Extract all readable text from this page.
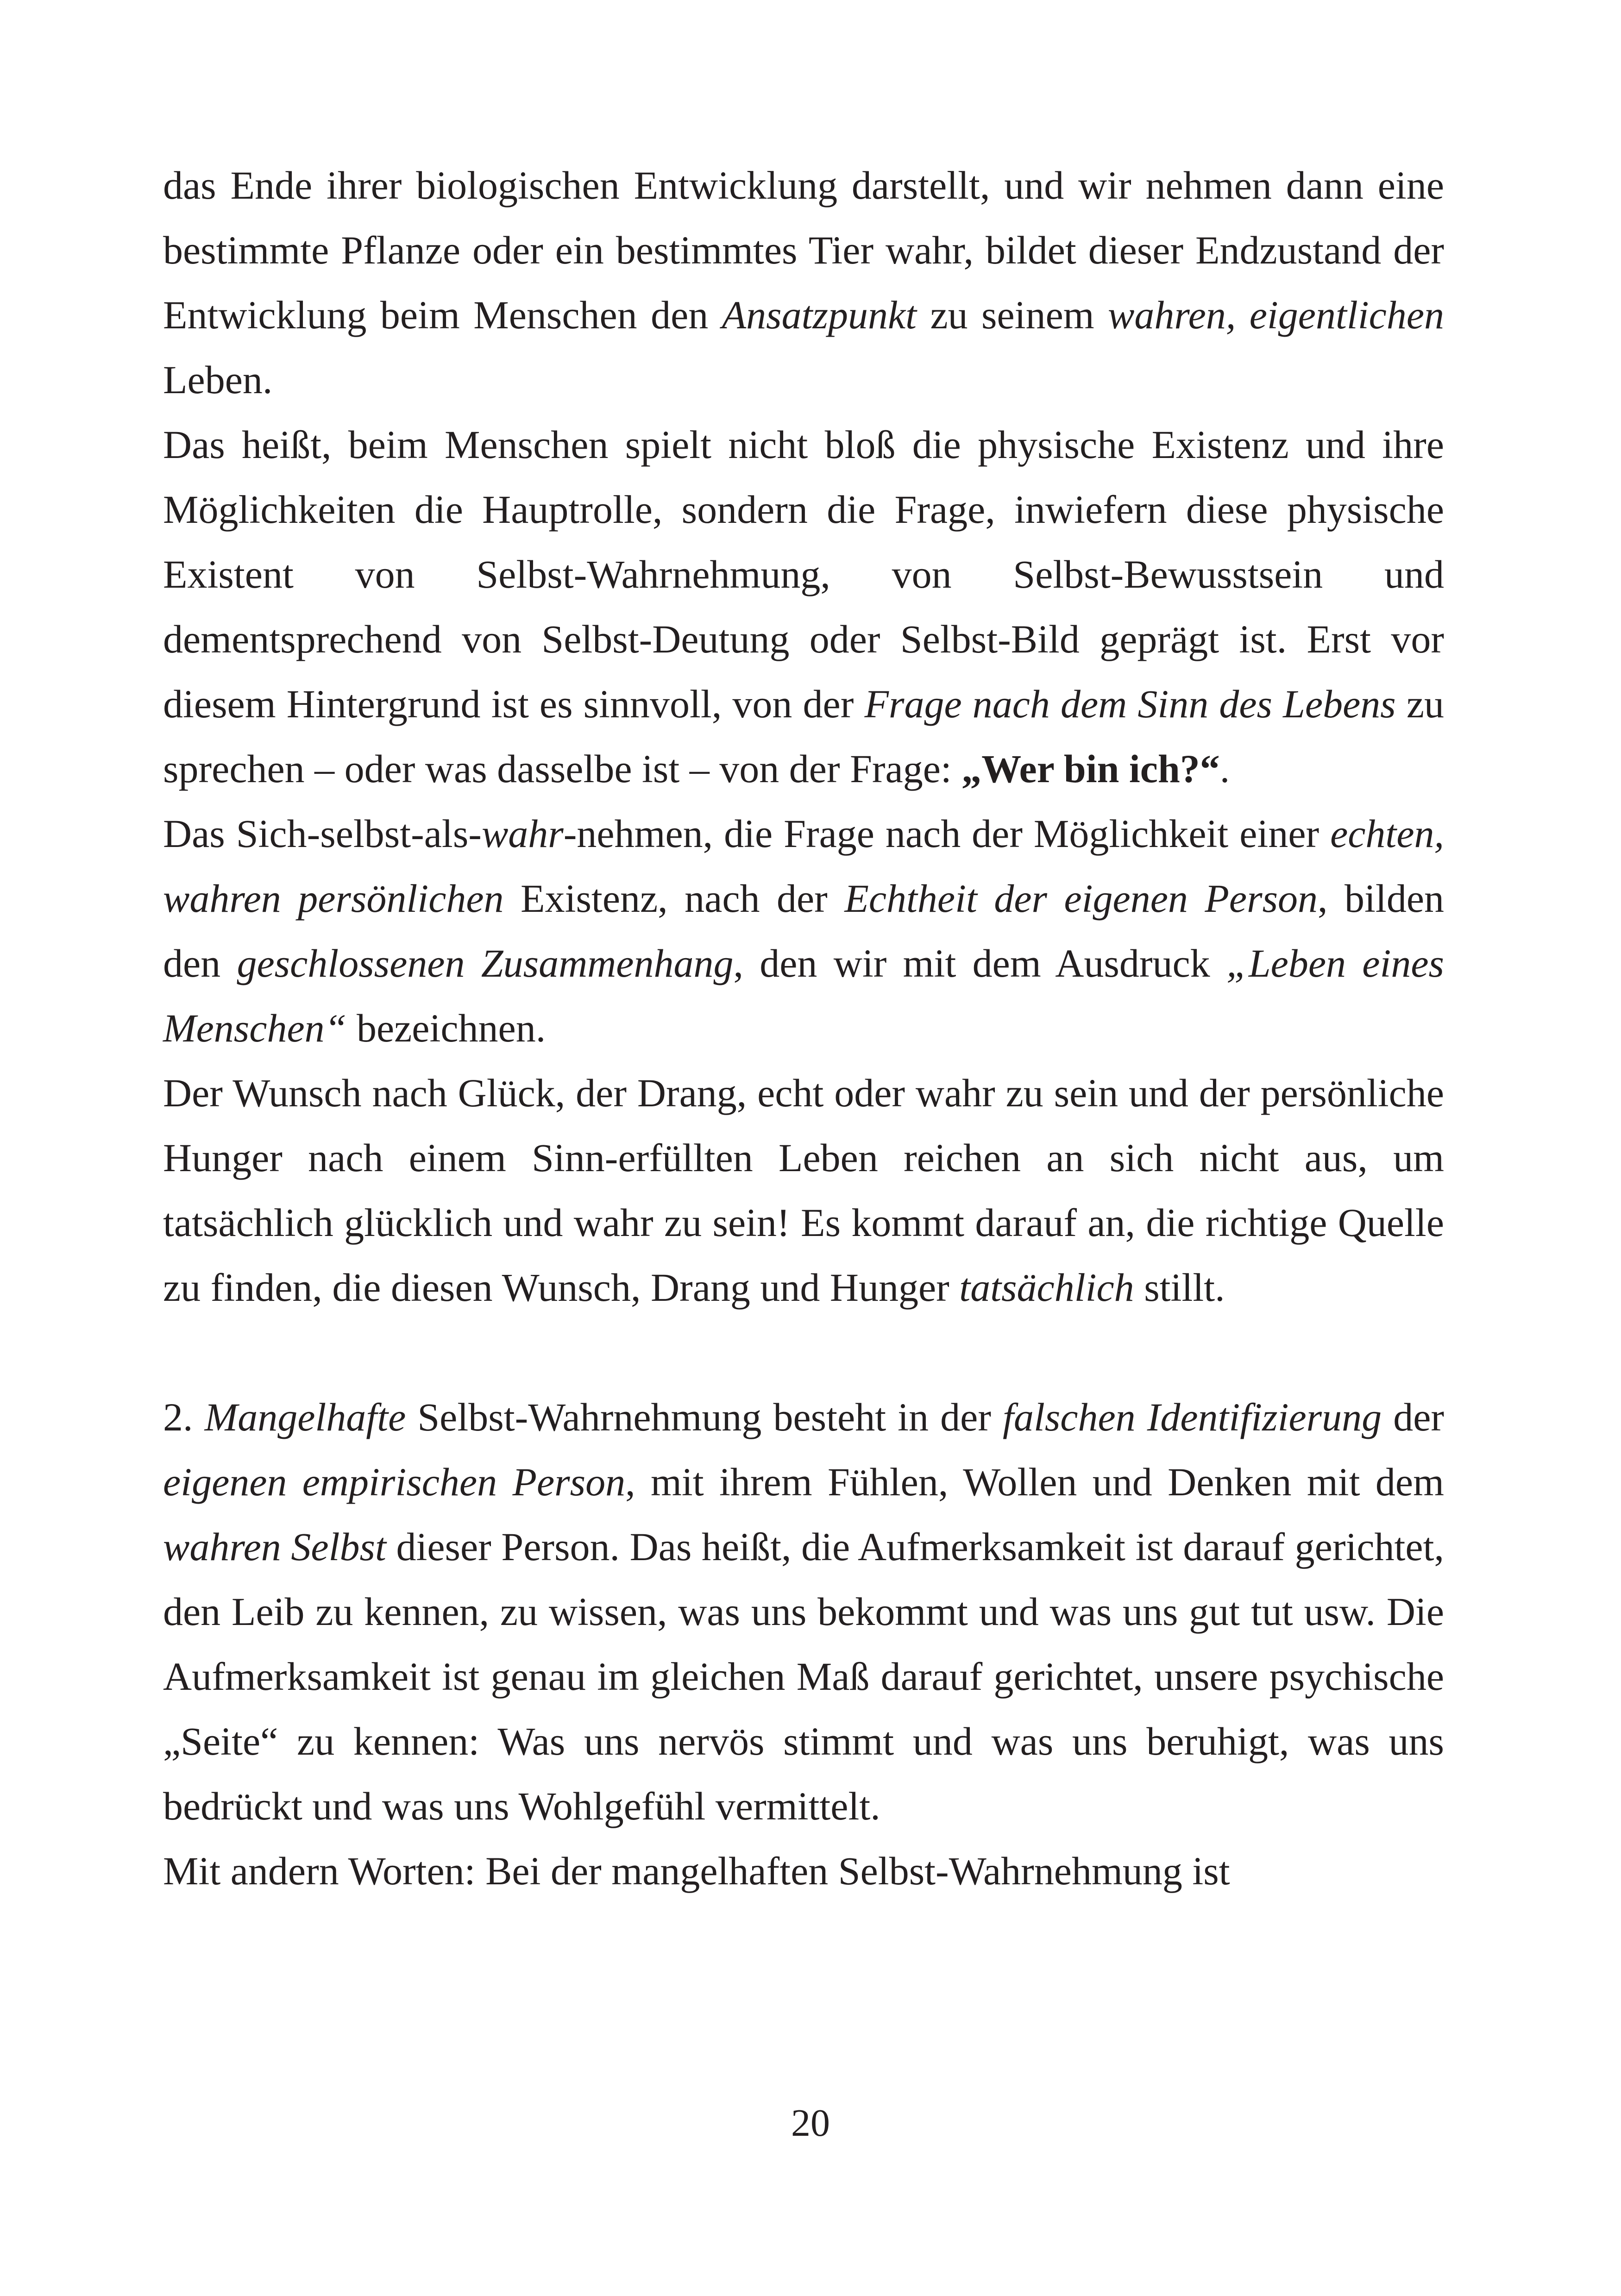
das Ende ihrer biologischen Entwicklung darstellt, und wir nehmen dann eine bestimmte Pflanze oder ein bestimmtes Tier wahr, bildet dieser Endzustand der Entwicklung beim Menschen den Ansatzpunkt zu seinem wahren, eigentlichen Leben.

Das heißt, beim Menschen spielt nicht bloß die physische Existenz und ihre Möglichkeiten die Hauptrolle, sondern die Frage, inwiefern diese physische Existent von Selbst-Wahrnehmung, von Selbst-Bewusstsein und dementsprechend von Selbst-Deutung oder Selbst-Bild geprägt ist. Erst vor diesem Hintergrund ist es sinnvoll, von der Frage nach dem Sinn des Lebens zu sprechen – oder was dasselbe ist – von der Frage: „Wer bin ich?“.

Das Sich-selbst-als-wahr-nehmen, die Frage nach der Möglichkeit einer echten, wahren persönlichen Existenz, nach der Echtheit der eigenen Person, bilden den geschlossenen Zusammenhang, den wir mit dem Ausdruck „Leben eines Menschen“ bezeichnen.

Der Wunsch nach Glück, der Drang, echt oder wahr zu sein und der persönliche Hunger nach einem Sinn-erfüllten Leben reichen an sich nicht aus, um tatsächlich glücklich und wahr zu sein! Es kommt darauf an, die richtige Quelle zu finden, die diesen Wunsch, Drang und Hunger tatsächlich stillt.

2. Mangelhafte Selbst-Wahrnehmung besteht in der falschen Identifizierung der eigenen empirischen Person, mit ihrem Fühlen, Wollen und Denken mit dem wahren Selbst dieser Person. Das heißt, die Aufmerksamkeit ist darauf gerichtet, den Leib zu kennen, zu wissen, was uns bekommt und was uns gut tut usw. Die Aufmerksamkeit ist genau im gleichen Maß darauf gerichtet, unsere psychische „Seite“ zu kennen: Was uns nervös stimmt und was uns beruhigt, was uns bedrückt und was uns Wohlgefühl vermittelt.

Mit andern Worten: Bei der mangelhaften Selbst-Wahrnehmung ist

20
